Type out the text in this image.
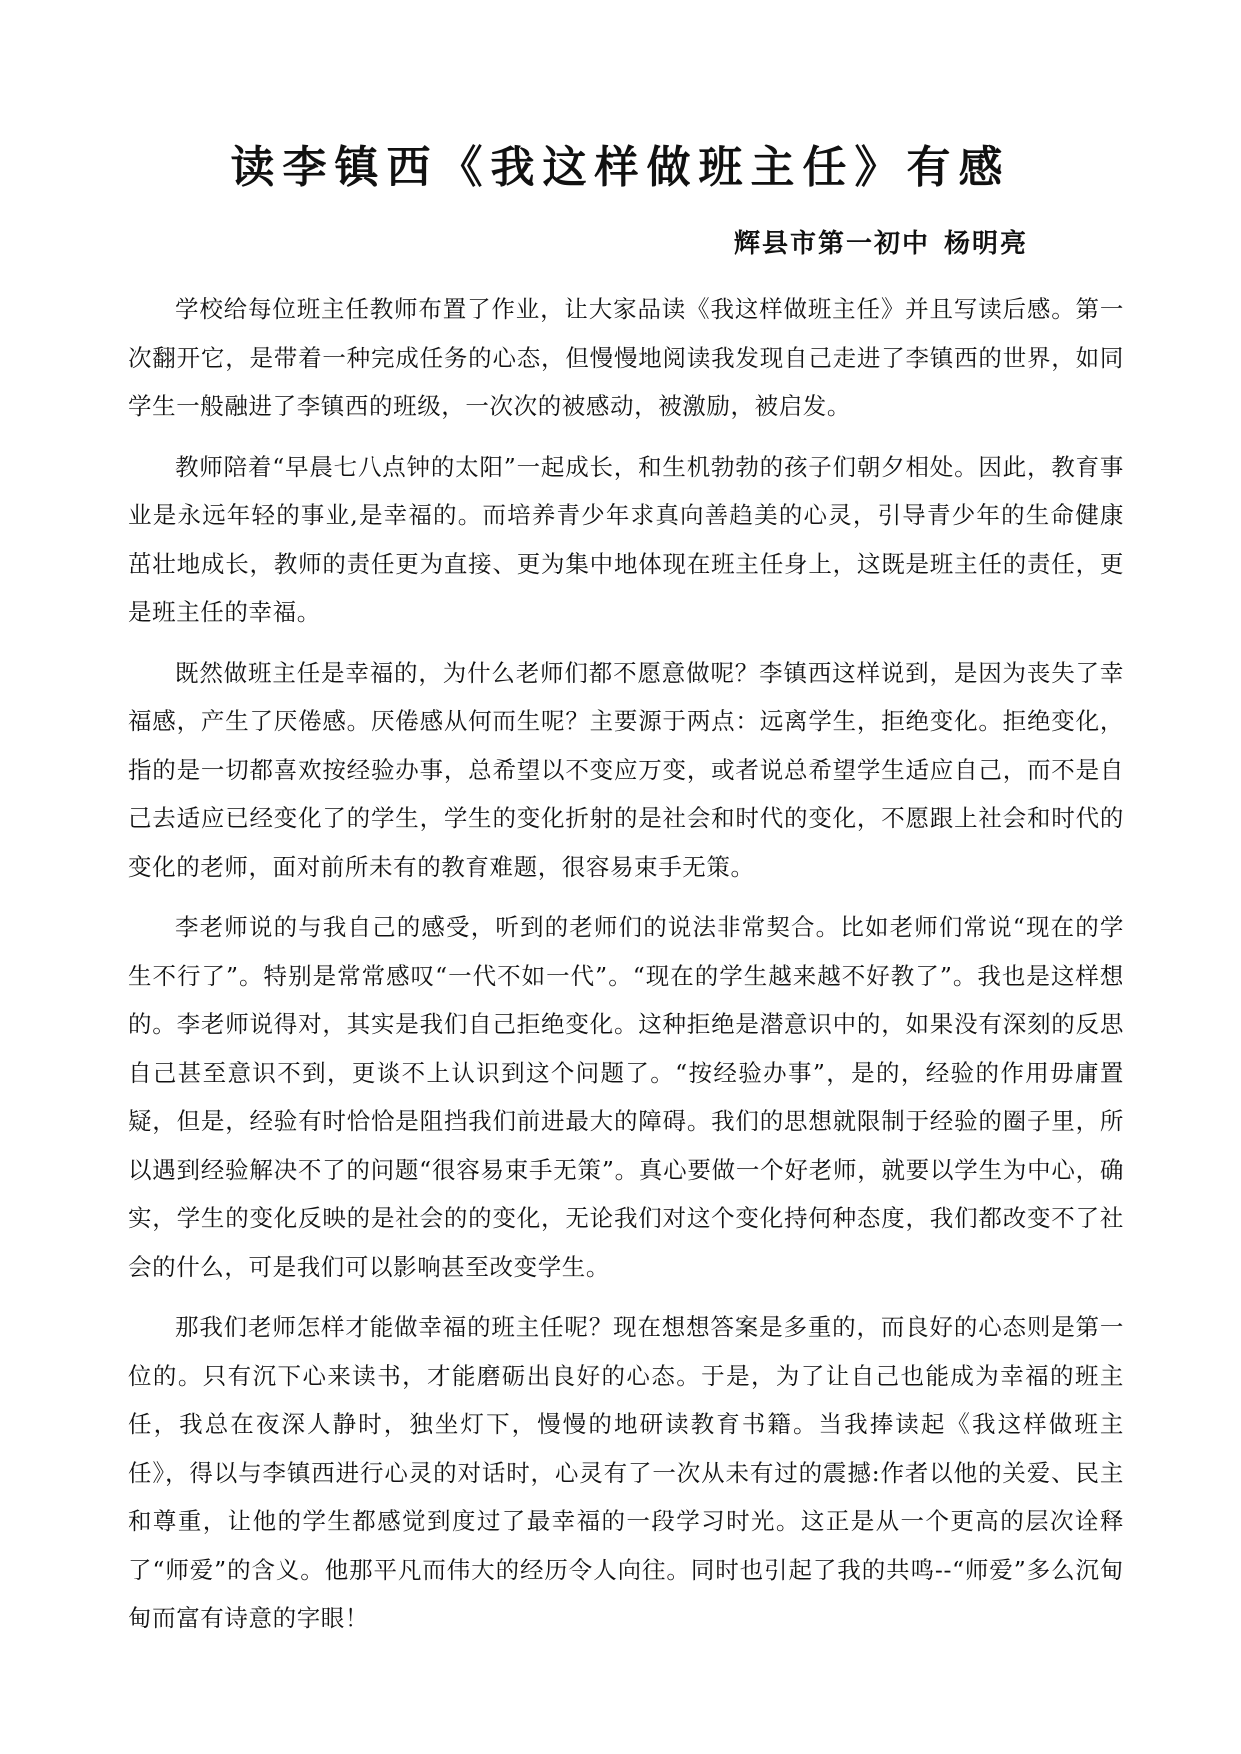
读李镇西《我这样做班主任》有感
辉县市第一初中 杨明亮

学校给每位班主任教师布置了作业，让大家品读《我这样做班主任》并且写读后感。第一次翻开它，是带着一种完成任务的心态，但慢慢地阅读我发现自己走进了李镇西的世界，如同学生一般融进了李镇西的班级，一次次的被感动，被激励，被启发。

教师陪着“早晨七八点钟的太阳”一起成长，和生机勃勃的孩子们朝夕相处。因此，教育事业是永远年轻的事业,是幸福的。而培养青少年求真向善趋美的心灵，引导青少年的生命健康茁壮地成长，教师的责任更为直接、更为集中地体现在班主任身上，这既是班主任的责任，更是班主任的幸福。

既然做班主任是幸福的，为什么老师们都不愿意做呢？李镇西这样说到，是因为丧失了幸福感，产生了厌倦感。厌倦感从何而生呢？主要源于两点：远离学生，拒绝变化。拒绝变化，指的是一切都喜欢按经验办事，总希望以不变应万变，或者说总希望学生适应自己，而不是自己去适应已经变化了的学生，学生的变化折射的是社会和时代的变化，不愿跟上社会和时代的变化的老师，面对前所未有的教育难题，很容易束手无策。

李老师说的与我自己的感受，听到的老师们的说法非常契合。比如老师们常说“现在的学生不行了”。特别是常常感叹“一代不如一代”。“现在的学生越来越不好教了”。我也是这样想的。李老师说得对，其实是我们自己拒绝变化。这种拒绝是潜意识中的，如果没有深刻的反思自己甚至意识不到，更谈不上认识到这个问题了。“按经验办事”，是的，经验的作用毋庸置疑，但是，经验有时恰恰是阻挡我们前进最大的障碍。我们的思想就限制于经验的圈子里，所以遇到经验解决不了的问题“很容易束手无策”。真心要做一个好老师，就要以学生为中心，确实，学生的变化反映的是社会的的变化，无论我们对这个变化持何种态度，我们都改变不了社会的什么，可是我们可以影响甚至改变学生。

那我们老师怎样才能做幸福的班主任呢？现在想想答案是多重的，而良好的心态则是第一位的。只有沉下心来读书，才能磨砺出良好的心态。于是，为了让自己也能成为幸福的班主任，我总在夜深人静时，独坐灯下，慢慢的地研读教育书籍。当我捧读起《我这样做班主任》，得以与李镇西进行心灵的对话时，心灵有了一次从未有过的震撼:作者以他的关爱、民主和尊重，让他的学生都感觉到度过了最幸福的一段学习时光。这正是从一个更高的层次诠释了“师爱”的含义。他那平凡而伟大的经历令人向往。同时也引起了我的共鸣--“师爱”多么沉甸甸而富有诗意的字眼！
